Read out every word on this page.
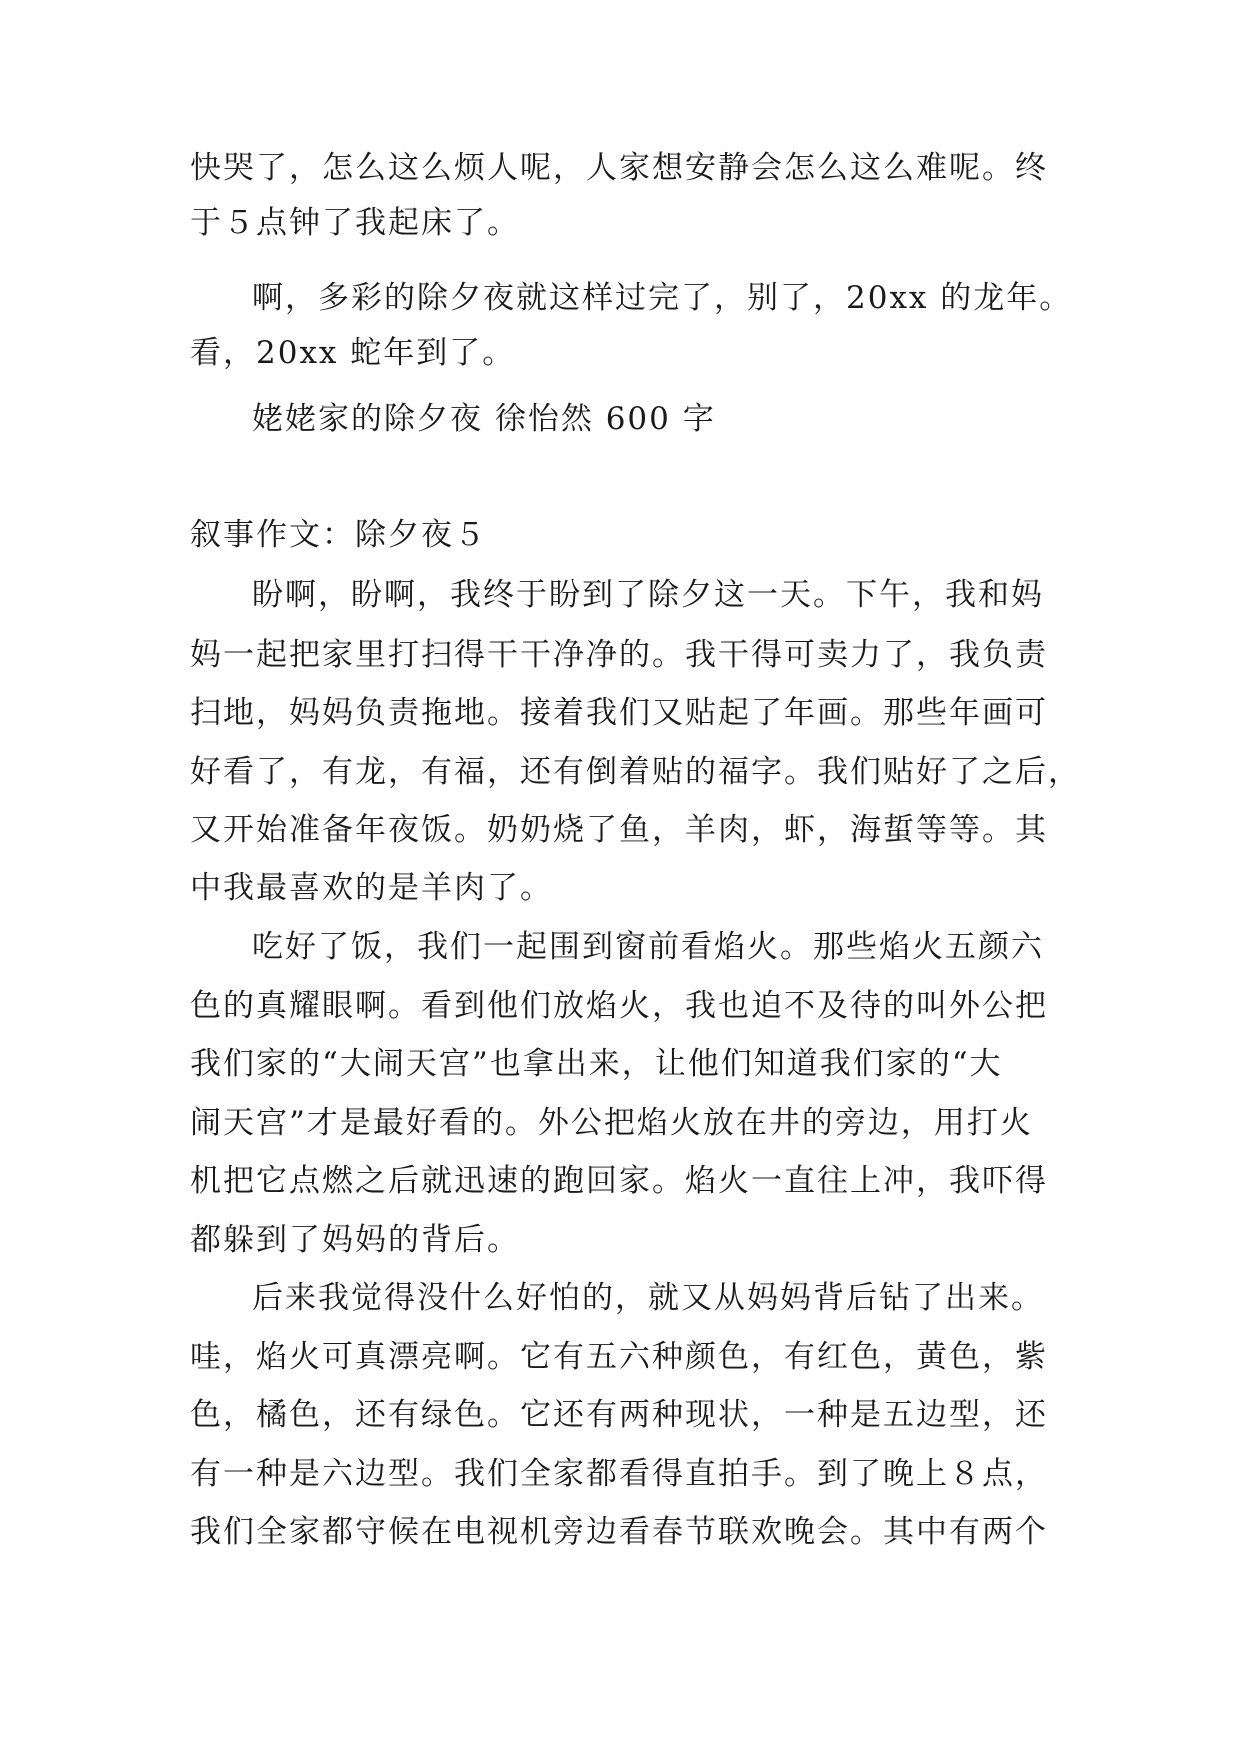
快哭了，怎么这么烦人呢，人家想安静会怎么这么难呢。终
于５点钟了我起床了。
啊，多彩的除夕夜就这样过完了，别了，20xx 的龙年。
看，20xx 蛇年到了。
姥姥家的除夕夜 徐怡然 600 字
叙事作文：除夕夜５
盼啊，盼啊，我终于盼到了除夕这一天。下午，我和妈
妈一起把家里打扫得干干净净的。我干得可卖力了，我负责
扫地，妈妈负责拖地。接着我们又贴起了年画。那些年画可
好看了，有龙，有福，还有倒着贴的福字。我们贴好了之后，
又开始准备年夜饭。奶奶烧了鱼，羊肉，虾，海蜇等等。其
中我最喜欢的是羊肉了。
吃好了饭，我们一起围到窗前看焰火。那些焰火五颜六
色的真耀眼啊。看到他们放焰火，我也迫不及待的叫外公把
我们家的“大闹天宫”也拿出来，让他们知道我们家的“大
闹天宫”才是最好看的。外公把焰火放在井的旁边，用打火
机把它点燃之后就迅速的跑回家。焰火一直往上冲，我吓得
都躲到了妈妈的背后。
后来我觉得没什么好怕的，就又从妈妈背后钻了出来。
哇，焰火可真漂亮啊。它有五六种颜色，有红色，黄色，紫
色，橘色，还有绿色。它还有两种现状，一种是五边型，还
有一种是六边型。我们全家都看得直拍手。到了晚上８点，
我们全家都守候在电视机旁边看春节联欢晚会。其中有两个
